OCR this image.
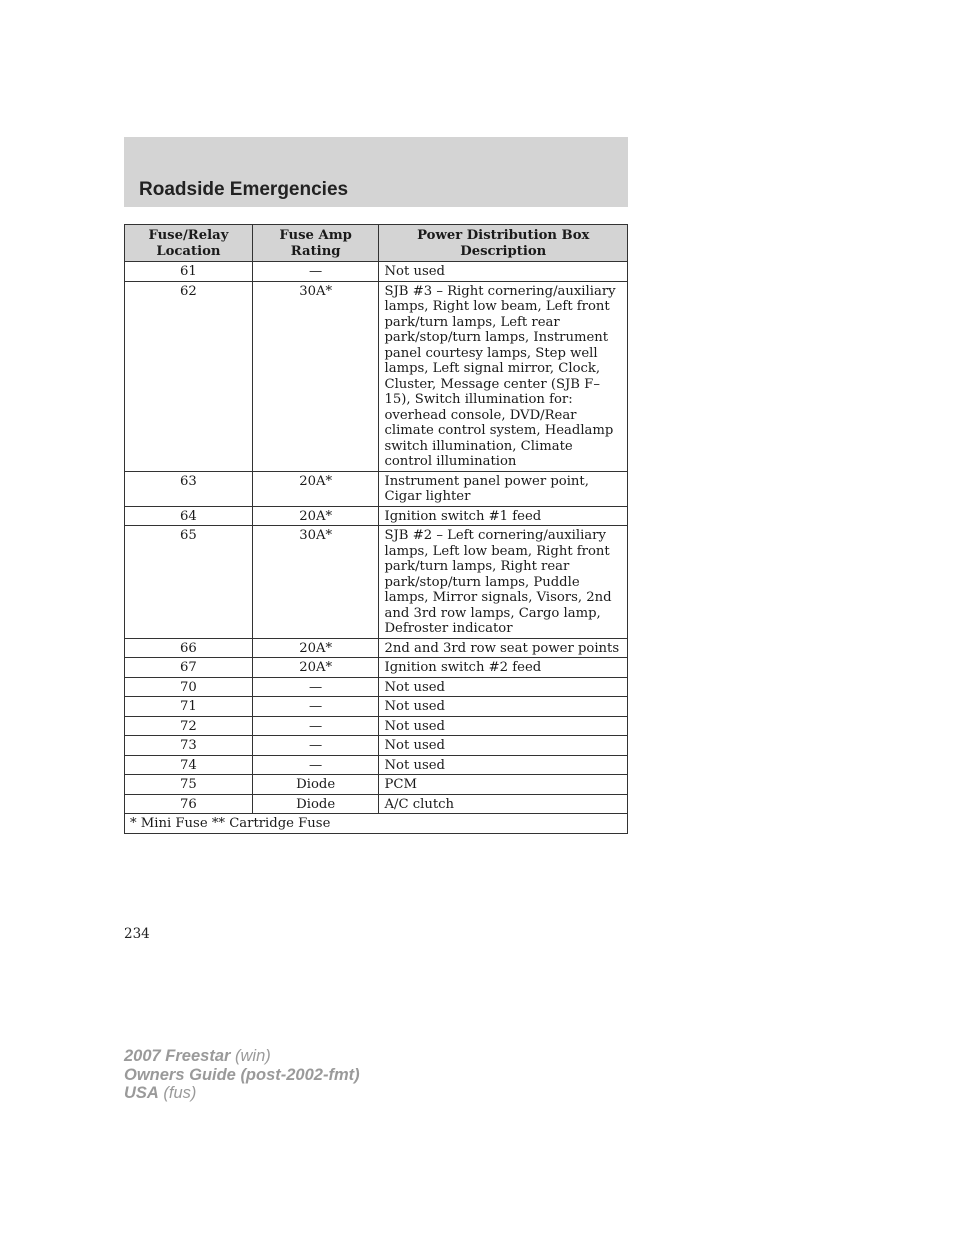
Roadside Emergencies
Fuse/Relay Location	Fuse Amp Rating	Power Distribution Box Description
61	—	Not used
62	30A*	SJB #3 – Right cornering/auxiliary lamps, Right low beam, Left front park/turn lamps, Left rear park/stop/turn lamps, Instrument panel courtesy lamps, Step well lamps, Left signal mirror, Clock, Cluster, Message center (SJB F–15), Switch illumination for: overhead console, DVD/Rear climate control system, Headlamp switch illumination, Climate control illumination
63	20A*	Instrument panel power point, Cigar lighter
64	20A*	Ignition switch #1 feed
65	30A*	SJB #2 – Left cornering/auxiliary lamps, Left low beam, Right front park/turn lamps, Right rear park/stop/turn lamps, Puddle lamps, Mirror signals, Visors, 2nd and 3rd row lamps, Cargo lamp, Defroster indicator
66	20A*	2nd and 3rd row seat power points
67	20A*	Ignition switch #2 feed
70	—	Not used
71	—	Not used
72	—	Not used
73	—	Not used
74	—	Not used
75	Diode	PCM
76	Diode	A/C clutch
* Mini Fuse ** Cartridge Fuse		
234
2007 Freestar (win)
Owners Guide (post-2002-fmt)
USA (fus)
